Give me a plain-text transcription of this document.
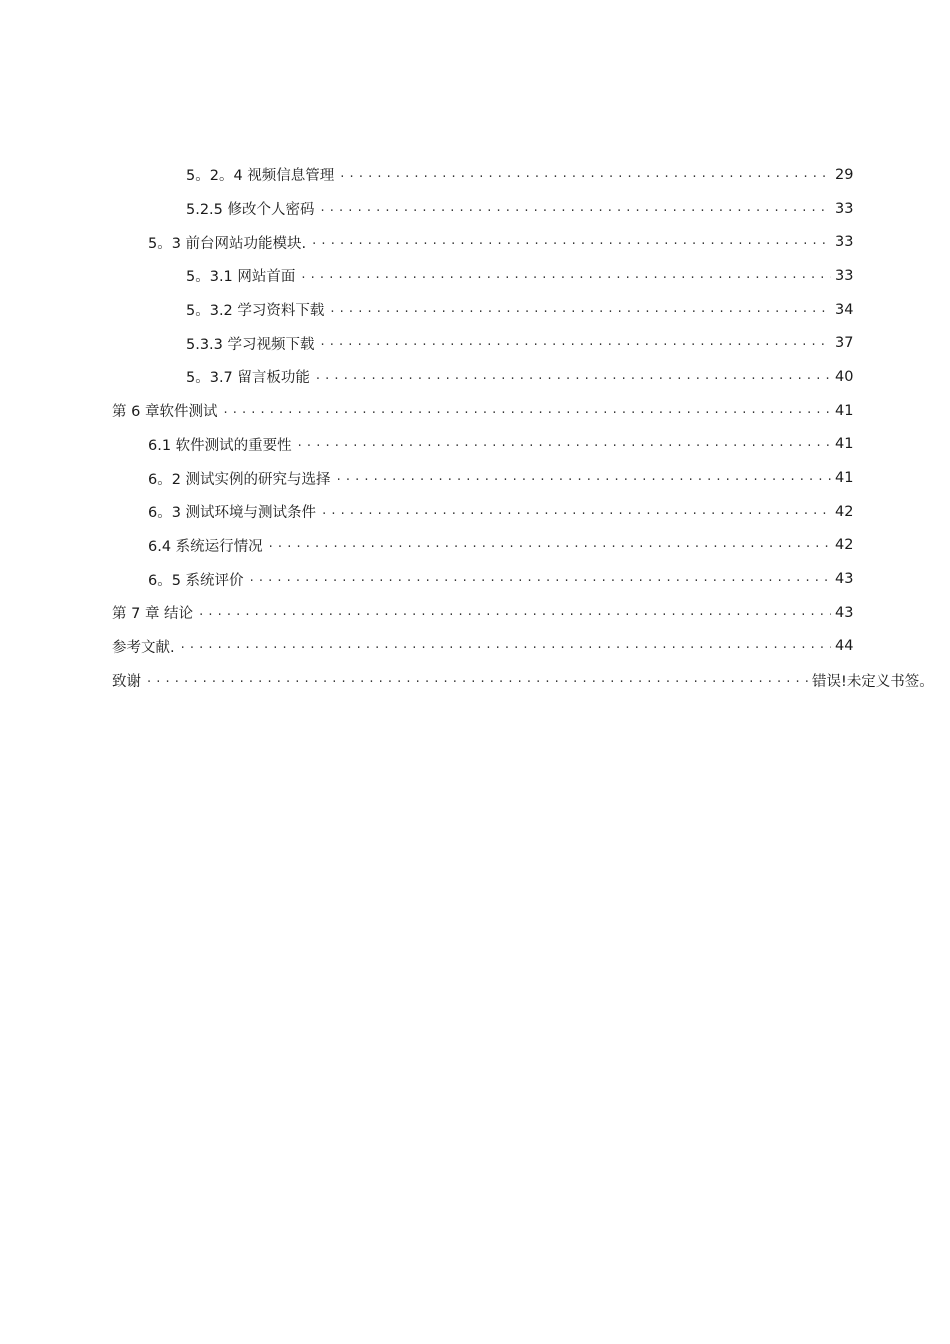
5。2。4 视频信息管理 . . .	29
5.2.5 修改个人密码 . . .	33
5。3 前台网站功能模块. . . .	33
5。3.1 网站首面 . . .	33
5。3.2 学习资料下载 . . .	34
5.3.3 学习视频下载 . . .	37
5。3.7 留言板功能 . . .	40
第 6 章软件测试 . . .	41
6.1 软件测试的重要性 . . .	41
6。2 测试实例的研究与选择 . . .	41
6。3 测试环境与测试条件 . . .	42
6.4 系统运行情况 . . .	42
6。5 系统评价 . . .	43
第 7 章 结论 . . .	43
参考文献. . . .	44
致谢 . . .	错误!未定义书签。
